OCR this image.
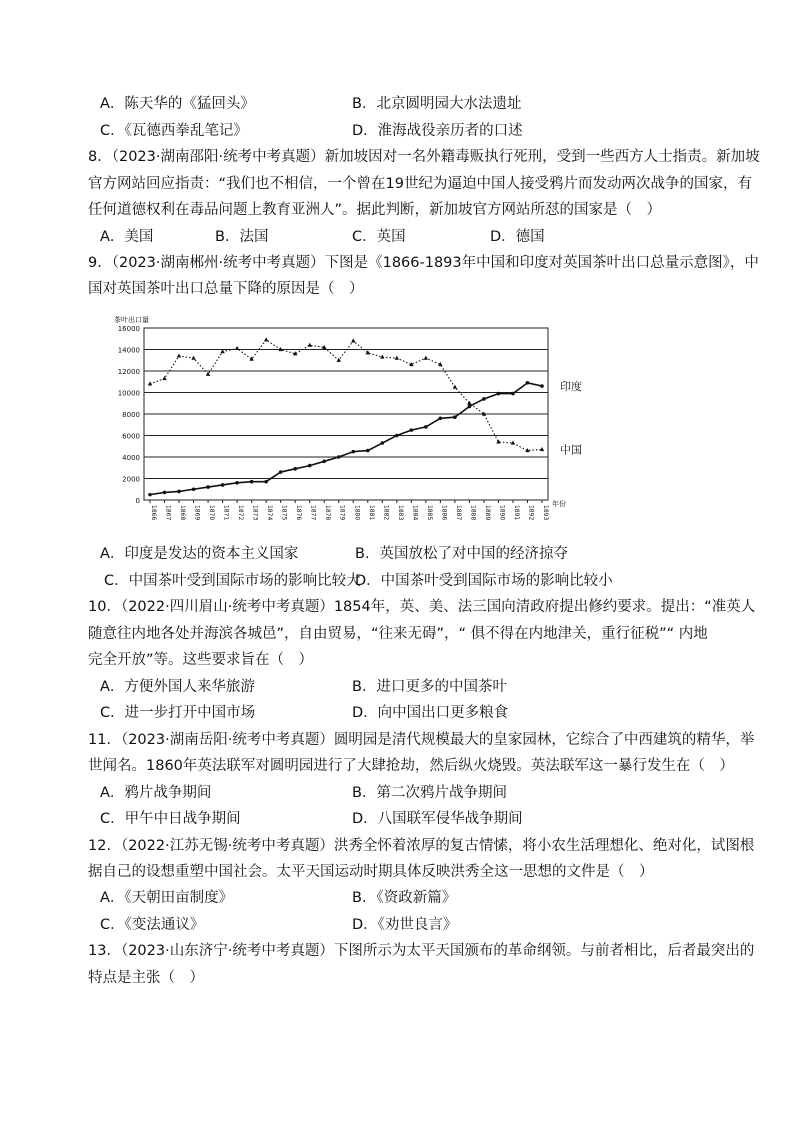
A．陈天华的《猛回头》	B．北京圆明园大水法遗址
C．《瓦德西拳乱笔记》	D．淮海战役亲历者的口述
8．（2023·湖南邵阳·统考中考真题）新加坡因对一名外籍毒贩执行死刑，受到一些西方人士指责。新加坡
官方网站回应指责：“我们也不相信，一个曾在19世纪为逼迫中国人接受鸦片而发动两次战争的国家，有
任何道德权利在毒品问题上教育亚洲人”。据此判断，新加坡官方网站所怼的国家是（　）
A．美国	B．法国	C．英国	D．德国
9．（2023·湖南郴州·统考中考真题）下图是《1866-1893年中国和印度对英国茶叶出口总量示意图》，中
国对英国茶叶出口总量下降的原因是（　）
0
2000
4000
6000
8000
10000
12000
14000
16000
茶叶出口量
1866 1867 1868 1869 1870 1871 1872 1873 1874 1875 1876 1877 1878 1879 1880 1881 1882 1883 1884 1885 1886 1887 1888 1889 1890 1891 1892 1893
年份
印度
中国
A．印度是发达的资本主义国家	B．英国放松了对中国的经济掠夺
C．中国茶叶受到国际市场的影响比较大
D．中国茶叶受到国际市场的影响比较小
10．（2022·四川眉山·统考中考真题）1854年，英、美、法三国向清政府提出修约要求。提出：“准英人
随意往内地各处并海滨各城邑”，自由贸易，“往来无碍”，“ 俱不得在内地津关，重行征税”“ 内地
完全开放”等。这些要求旨在（　）
A．方便外国人来华旅游	B．进口更多的中国茶叶
C．进一步打开中国市场	D．向中国出口更多粮食
11．（2023·湖南岳阳·统考中考真题）圆明园是清代规模最大的皇家园林，它综合了中西建筑的精华，举
世闻名。1860年英法联军对圆明园进行了大肆抢劫，然后纵火烧毁。英法联军这一暴行发生在（　）
A．鸦片战争期间	B．第二次鸦片战争期间
C．甲午中日战争期间	D．八国联军侵华战争期间
12．（2022·江苏无锡·统考中考真题）洪秀全怀着浓厚的复古情愫，将小农生活理想化、绝对化，试图根
据自己的设想重塑中国社会。太平天国运动时期具体反映洪秀全这一思想的文件是（　）
A．《天朝田亩制度》	B．《资政新篇》
C．《变法通议》	D．《劝世良言》
13．（2023·山东济宁·统考中考真题）下图所示为太平天国颁布的革命纲领。与前者相比，后者最突出的
特点是主张（　）
